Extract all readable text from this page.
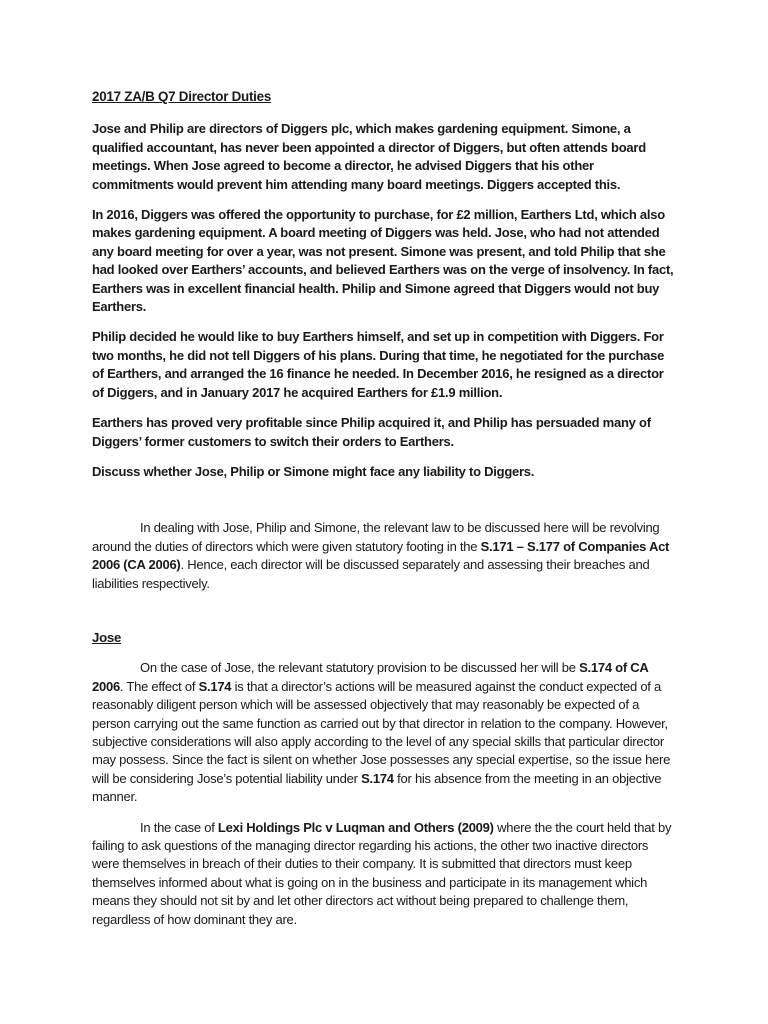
2017 ZA/B Q7 Director Duties

Jose and Philip are directors of Diggers plc, which makes gardening equipment. Simone, a qualified accountant, has never been appointed a director of Diggers, but often attends board meetings. When Jose agreed to become a director, he advised Diggers that his other commitments would prevent him attending many board meetings. Diggers accepted this.

In 2016, Diggers was offered the opportunity to purchase, for £2 million, Earthers Ltd, which also makes gardening equipment. A board meeting of Diggers was held. Jose, who had not attended any board meeting for over a year, was not present. Simone was present, and told Philip that she had looked over Earthers’ accounts, and believed Earthers was on the verge of insolvency. In fact, Earthers was in excellent financial health. Philip and Simone agreed that Diggers would not buy Earthers.

Philip decided he would like to buy Earthers himself, and set up in competition with Diggers. For two months, he did not tell Diggers of his plans. During that time, he negotiated for the purchase of Earthers, and arranged the 16 finance he needed. In December 2016, he resigned as a director of Diggers, and in January 2017 he acquired Earthers for £1.9 million.

Earthers has proved very profitable since Philip acquired it, and Philip has persuaded many of Diggers’ former customers to switch their orders to Earthers.

Discuss whether Jose, Philip or Simone might face any liability to Diggers.

In dealing with Jose, Philip and Simone, the relevant law to be discussed here will be revolving around the duties of directors which were given statutory footing in the S.171 – S.177 of Companies Act 2006 (CA 2006). Hence, each director will be discussed separately and assessing their breaches and liabilities respectively.

Jose

On the case of Jose, the relevant statutory provision to be discussed her will be S.174 of CA 2006. The effect of S.174 is that a director’s actions will be measured against the conduct expected of a reasonably diligent person which will be assessed objectively that may reasonably be expected of a person carrying out the same function as carried out by that director in relation to the company. However, subjective considerations will also apply according to the level of any special skills that particular director may possess. Since the fact is silent on whether Jose possesses any special expertise, so the issue here will be considering Jose’s potential liability under S.174 for his absence from the meeting in an objective manner.

In the case of Lexi Holdings Plc v Luqman and Others (2009) where the the court held that by failing to ask questions of the managing director regarding his actions, the other two inactive directors were themselves in breach of their duties to their company. It is submitted that directors must keep themselves informed about what is going on in the business and participate in its management which means they should not sit by and let other directors act without being prepared to challenge them, regardless of how dominant they are.
